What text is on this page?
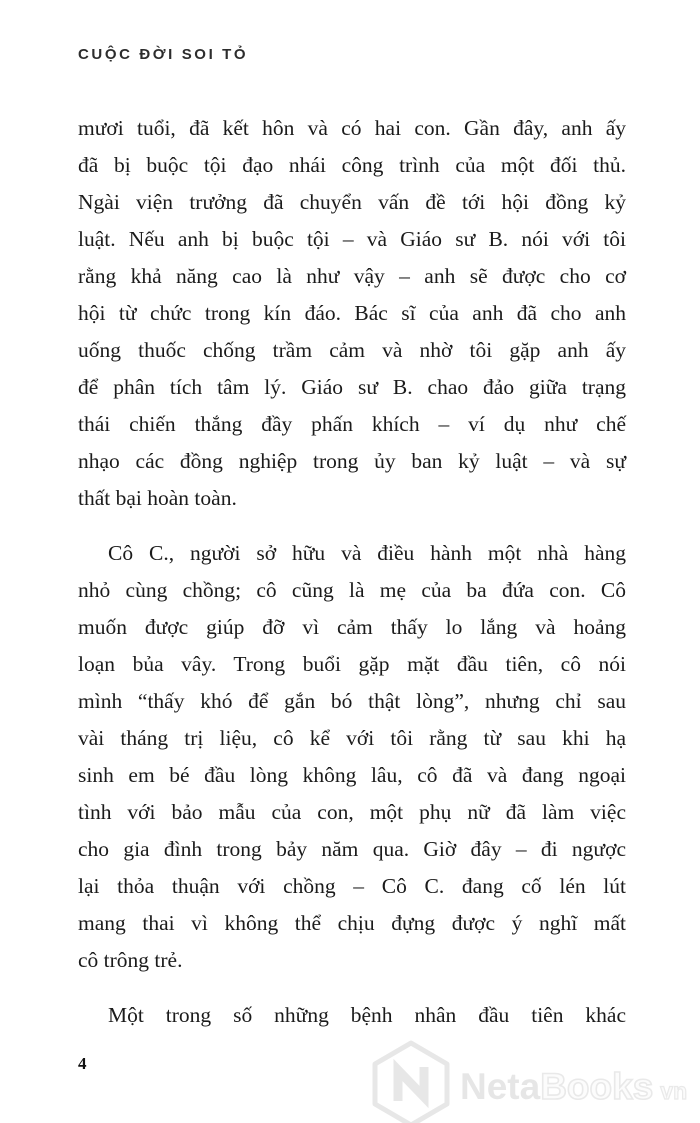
CUỘC ĐỜI SOI TỎ
mươi tuổi, đã kết hôn và có hai con. Gần đây, anh ấy
đã bị buộc tội đạo nhái công trình của một đối thủ.
Ngài viện trưởng đã chuyển vấn đề tới hội đồng kỷ
luật. Nếu anh bị buộc tội – và Giáo sư B. nói với tôi
rằng khả năng cao là như vậy – anh sẽ được cho cơ
hội từ chức trong kín đáo. Bác sĩ của anh đã cho anh
uống thuốc chống trầm cảm và nhờ tôi gặp anh ấy
để phân tích tâm lý. Giáo sư B. chao đảo giữa trạng
thái chiến thắng đầy phấn khích – ví dụ như chế
nhạo các đồng nghiệp trong ủy ban kỷ luật – và sự
thất bại hoàn toàn.
Cô C., người sở hữu và điều hành một nhà hàng
nhỏ cùng chồng; cô cũng là mẹ của ba đứa con. Cô
muốn được giúp đỡ vì cảm thấy lo lắng và hoảng
loạn bủa vây. Trong buổi gặp mặt đầu tiên, cô nói
mình “thấy khó để gắn bó thật lòng”, nhưng chỉ sau
vài tháng trị liệu, cô kể với tôi rằng từ sau khi hạ
sinh em bé đầu lòng không lâu, cô đã và đang ngoại
tình với bảo mẫu của con, một phụ nữ đã làm việc
cho gia đình trong bảy năm qua. Giờ đây – đi ngược
lại thỏa thuận với chồng – Cô C. đang cố lén lút
mang thai vì không thể chịu đựng được ý nghĩ mất
cô trông trẻ.
Một trong số những bệnh nhân đầu tiên khác
4
Neta Books vn
